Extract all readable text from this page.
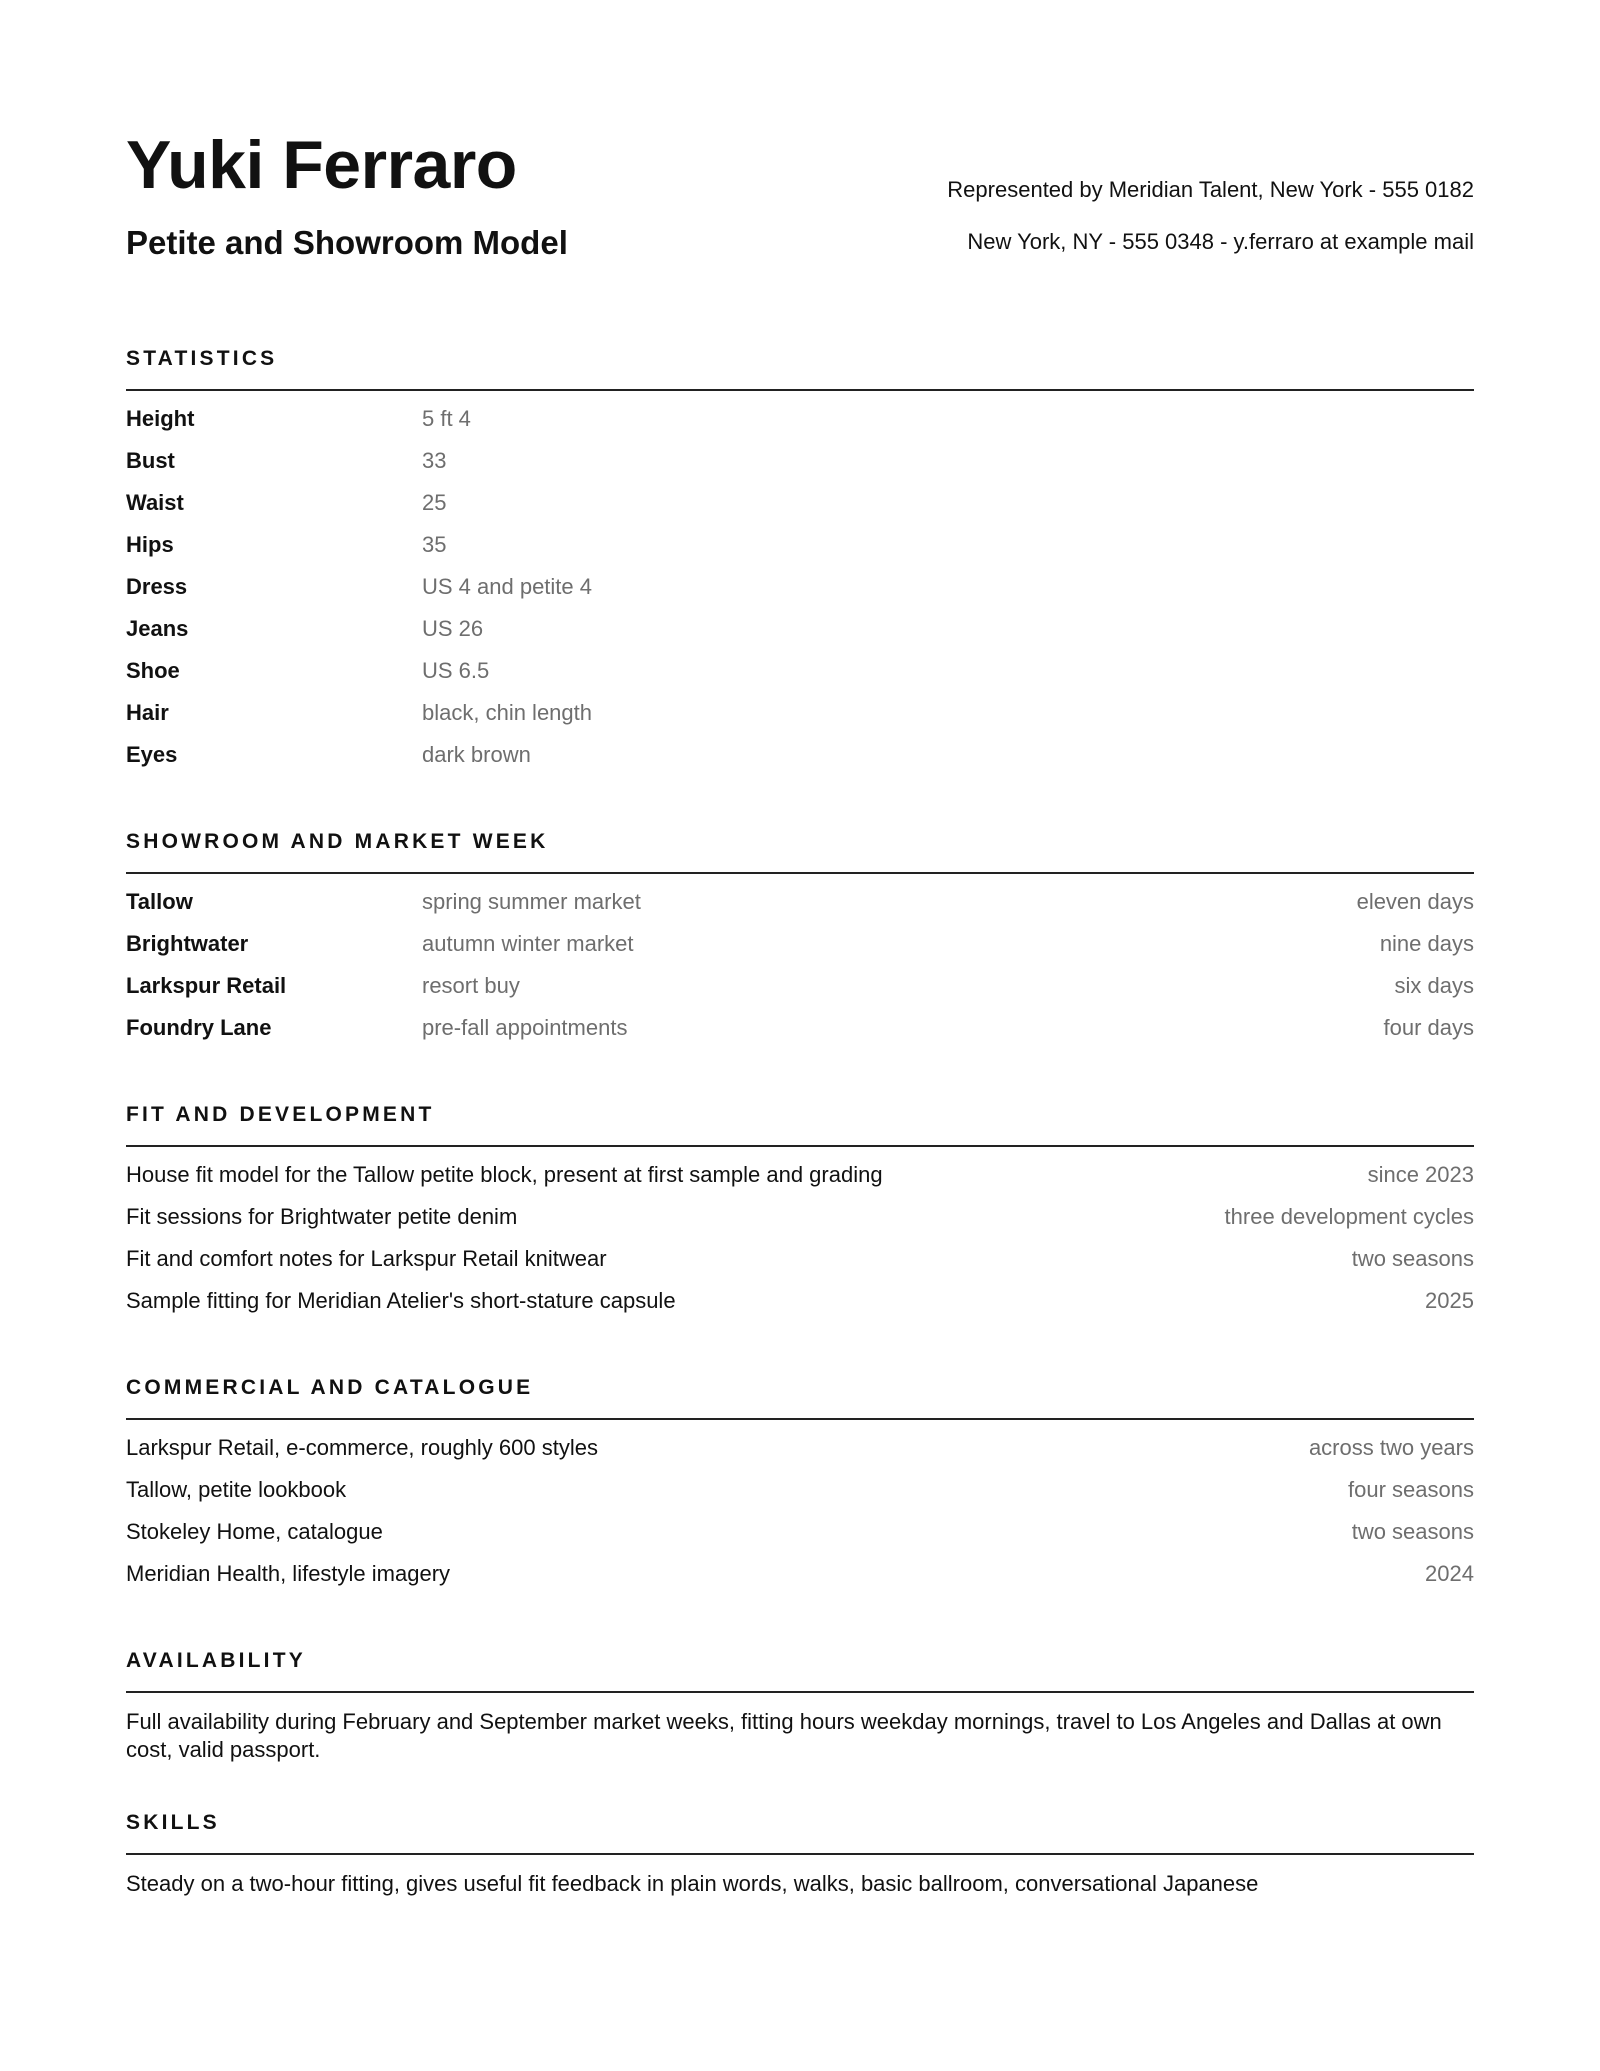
Yuki Ferraro
Petite and Showroom Model
Represented by Meridian Talent, New York - 555 0182
New York, NY - 555 0348 - y.ferraro at example mail
STATISTICS
Height	5 ft 4
Bust	33
Waist	25
Hips	35
Dress	US 4 and petite 4
Jeans	US 26
Shoe	US 6.5
Hair	black, chin length
Eyes	dark brown
SHOWROOM AND MARKET WEEK
Tallow	spring summer market	eleven days
Brightwater	autumn winter market	nine days
Larkspur Retail	resort buy	six days
Foundry Lane	pre-fall appointments	four days
FIT AND DEVELOPMENT
House fit model for the Tallow petite block, present at first sample and grading	since 2023
Fit sessions for Brightwater petite denim	three development cycles
Fit and comfort notes for Larkspur Retail knitwear	two seasons
Sample fitting for Meridian Atelier's short-stature capsule	2025
COMMERCIAL AND CATALOGUE
Larkspur Retail, e-commerce, roughly 600 styles	across two years
Tallow, petite lookbook	four seasons
Stokeley Home, catalogue	two seasons
Meridian Health, lifestyle imagery	2024
AVAILABILITY
Full availability during February and September market weeks, fitting hours weekday mornings, travel to Los Angeles and Dallas at own cost, valid passport.
SKILLS
Steady on a two-hour fitting, gives useful fit feedback in plain words, walks, basic ballroom, conversational Japanese
